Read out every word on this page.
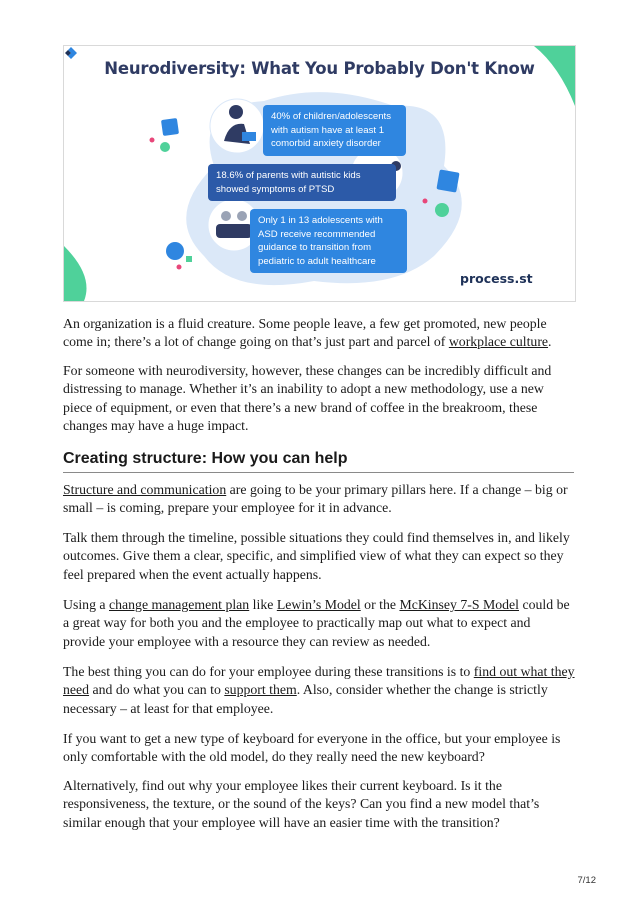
Neurodiversity: What You Probably Don't Know
40% of children/adolescents with autism have at least 1 comorbid anxiety disorder
18.6% of parents with autistic kids showed symptoms of PTSD
Only 1 in 13 adolescents with ASD receive recommended guidance to transition from pediatric to adult healthcare
process.st
An organization is a fluid creature. Some people leave, a few get promoted, new people come in; there’s a lot of change going on that’s just part and parcel of workplace culture.
For someone with neurodiversity, however, these changes can be incredibly difficult and distressing to manage. Whether it’s an inability to adopt a new methodology, use a new piece of equipment, or even that there’s a new brand of coffee in the breakroom, these changes may have a huge impact.
Creating structure: How you can help
Structure and communication are going to be your primary pillars here. If a change – big or small – is coming, prepare your employee for it in advance.
Talk them through the timeline, possible situations they could find themselves in, and likely outcomes. Give them a clear, specific, and simplified view of what they can expect so they feel prepared when the event actually happens.
Using a change management plan like Lewin’s Model or the McKinsey 7-S Model could be a great way for both you and the employee to practically map out what to expect and provide your employee with a resource they can review as needed.
The best thing you can do for your employee during these transitions is to find out what they need and do what you can to support them. Also, consider whether the change is strictly necessary – at least for that employee.
If you want to get a new type of keyboard for everyone in the office, but your employee is only comfortable with the old model, do they really need the new keyboard?
Alternatively, find out why your employee likes their current keyboard. Is it the responsiveness, the texture, or the sound of the keys? Can you find a new model that’s similar enough that your employee will have an easier time with the transition?
7/12
